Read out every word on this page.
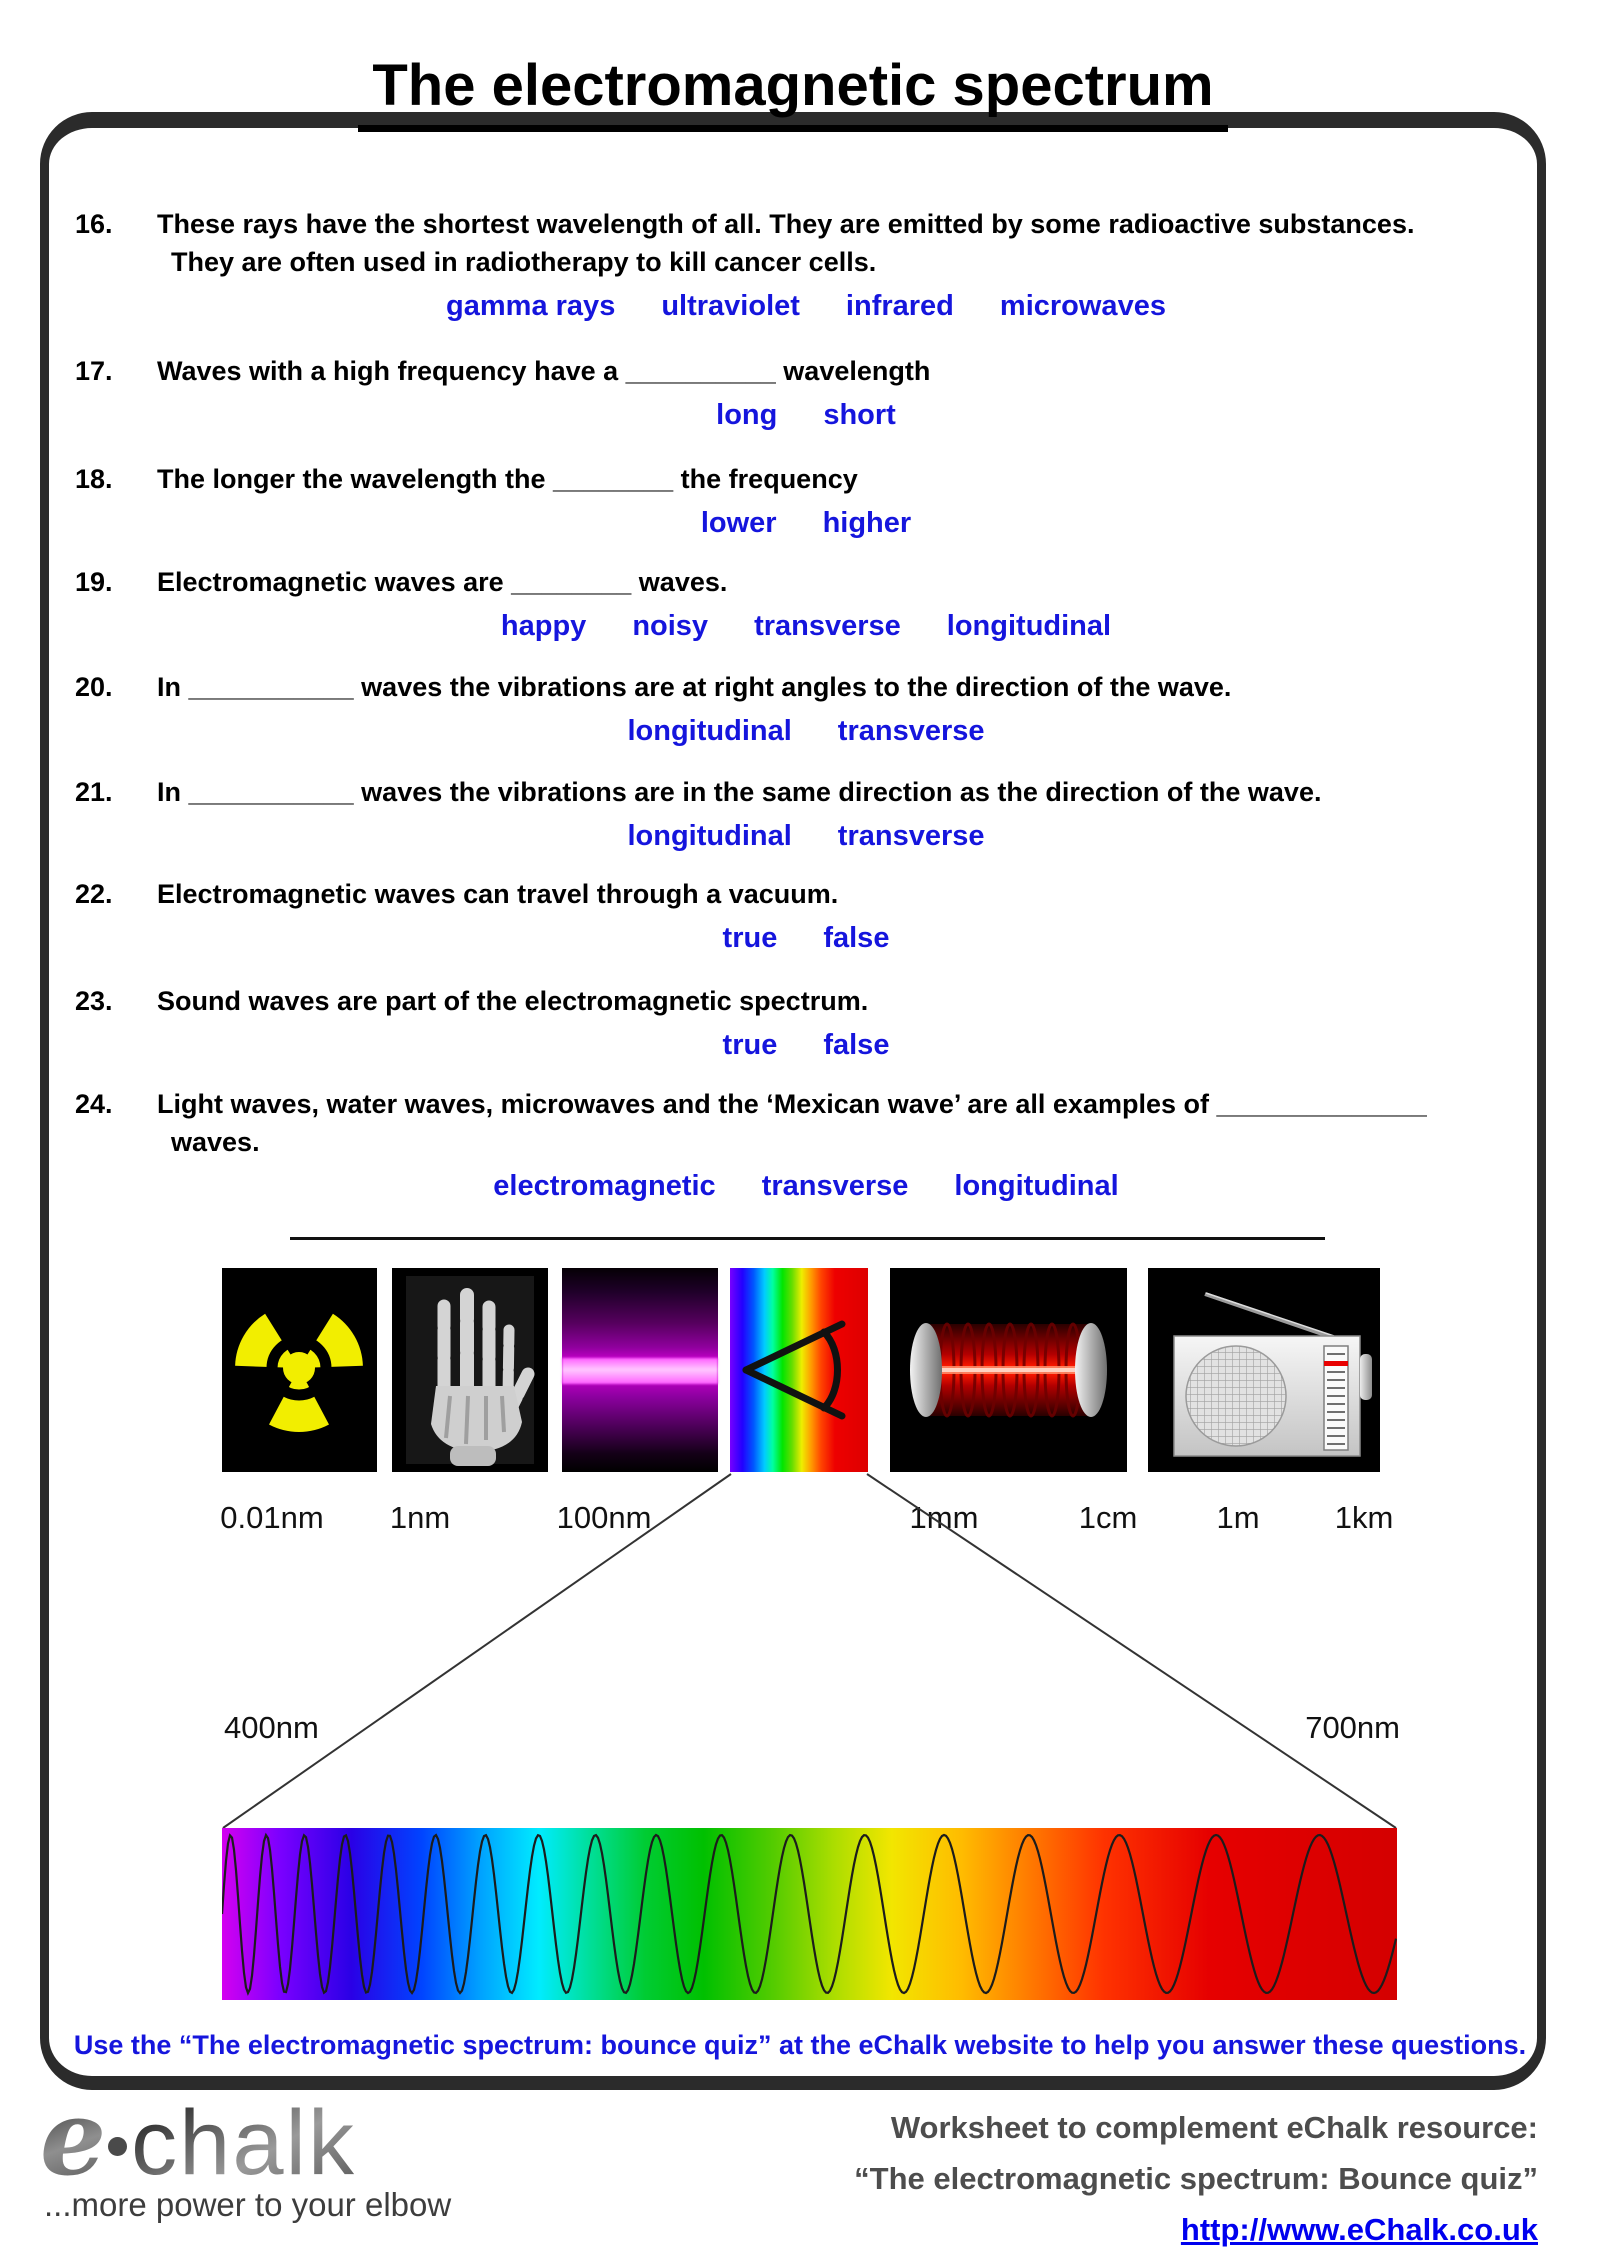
The electromagnetic spectrum
16. These rays have the shortest wavelength of all. They are emitted by some radioactive substances.
They are often used in radiotherapy to kill cancer cells.
gamma rays ultraviolet infrared microwaves
17. Waves with a high frequency have a __________ wavelength
long short
18. The longer the wavelength the ________ the frequency
lower higher
19. Electromagnetic waves are ________ waves.
happy noisy transverse longitudinal
20. In ___________ waves the vibrations are at right angles to the direction of the wave.
longitudinal transverse
21. In ___________ waves the vibrations are in the same direction as the direction of the wave.
longitudinal transverse
22. Electromagnetic waves can travel through a vacuum.
true false
23. Sound waves are part of the electromagnetic spectrum.
true false
24. Light waves, water waves, microwaves and the ‘Mexican wave’ are all examples of ______________
waves.
electromagnetic transverse longitudinal
0.01nm 1nm	100nm	1mm	1cm	1m 1km
400nm	700nm
Use the “The electromagnetic spectrum: bounce quiz” at the eChalk website to help you answer these questions.
e chalk
...more power to your elbow
Worksheet to complement eChalk resource:
“The electromagnetic spectrum: Bounce quiz”
http://www.eChalk.co.uk
